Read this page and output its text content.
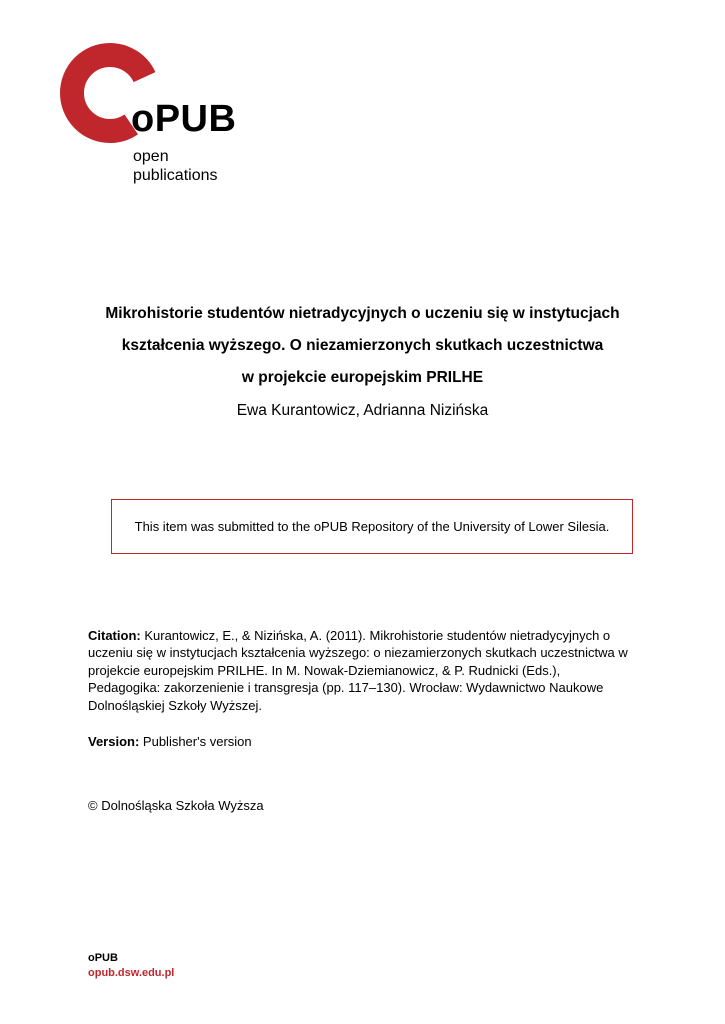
oPUB
open
publications
Mikrohistorie studentów nietradycyjnych o uczeniu się w instytucjach
kształcenia wyższego. O niezamierzonych skutkach uczestnictwa
w projekcie europejskim PRILHE
Ewa Kurantowicz, Adrianna Nizińska
This item was submitted to the oPUB Repository of the University of Lower Silesia.
Citation: Kurantowicz, E., & Nizińska, A. (2011). Mikrohistorie studentów nietradycyjnych o
uczeniu się w instytucjach kształcenia wyższego: o niezamierzonych skutkach uczestnictwa w
projekcie europejskim PRILHE. In M. Nowak-Dziemianowicz, & P. Rudnicki (Eds.),
Pedagogika: zakorzenienie i transgresja (pp. 117–130). Wrocław: Wydawnictwo Naukowe
Dolnośląskiej Szkoły Wyższej.
Version: Publisher's version
© Dolnośląska Szkoła Wyższa
oPUB
opub.dsw.edu.pl
